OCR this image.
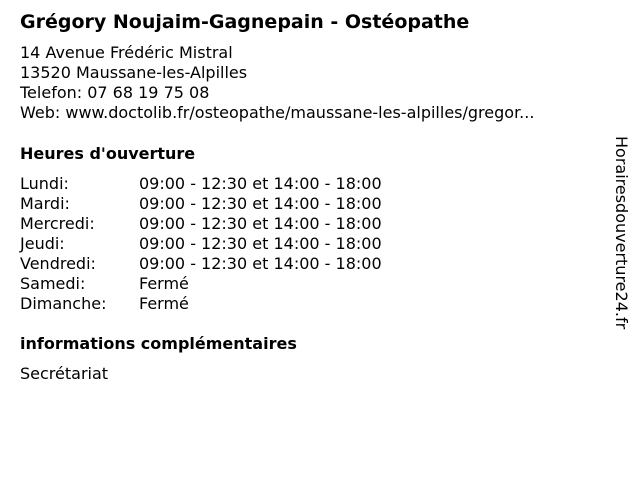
Grégory Noujaim-Gagnepain - Ostéopathe
14 Avenue Frédéric Mistral
13520 Maussane-les-Alpilles
Telefon: 07 68 19 75 08
Web: www.doctolib.fr/osteopathe/maussane-les-alpilles/gregor...
Heures d'ouverture
Lundi:	09:00 - 12:30 et 14:00 - 18:00
Mardi:	09:00 - 12:30 et 14:00 - 18:00
Mercredi:	09:00 - 12:30 et 14:00 - 18:00
Jeudi:	09:00 - 12:30 et 14:00 - 18:00
Vendredi:	09:00 - 12:30 et 14:00 - 18:00
Samedi:	Fermé
Dimanche: Fermé
informations complémentaires
Secrétariat
Horairesdouverture24.fr
